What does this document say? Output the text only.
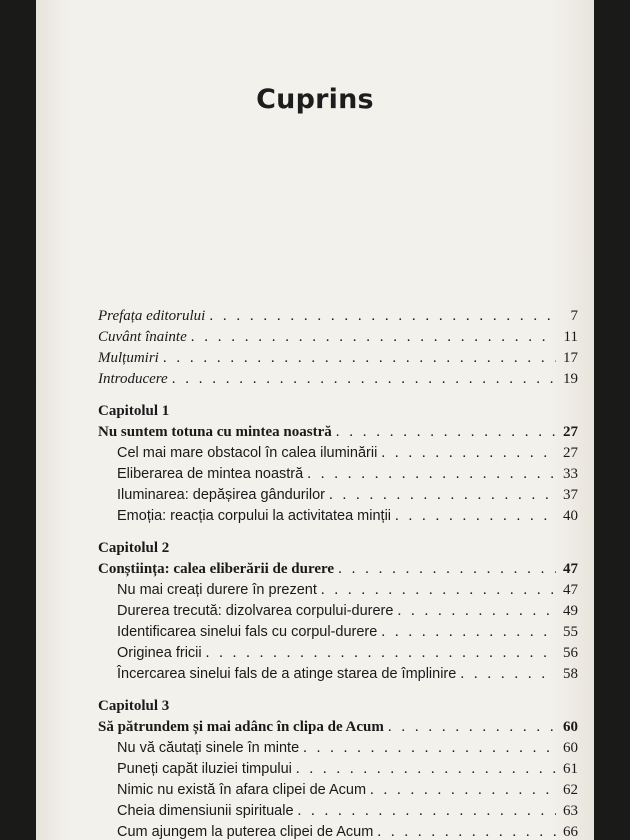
Cuprins
Prefața editorului . . .	7
Cuvânt înainte . . .	11
Mulțumiri . . .	17
Introducere . . .	19
Capitolul 1
Nu suntem totuna cu mintea noastră . . .	27
Cel mai mare obstacol în calea iluminării . . .	27
Eliberarea de mintea noastră . . .	33
Iluminarea: depășirea gândurilor . . .	37
Emoția: reacția corpului la activitatea minții . . .	40
Capitolul 2
Conștiința: calea eliberării de durere . . .	47
Nu mai creați durere în prezent . . .	47
Durerea trecută: dizolvarea corpului-durere . . .	49
Identificarea sinelui fals cu corpul-durere . . .	55
Originea fricii . . .	56
Încercarea sinelui fals de a atinge starea de împlinire . . .	58
Capitolul 3
Să pătrundem și mai adânc în clipa de Acum . . .	60
Nu vă căutați sinele în minte . . .	60
Puneți capăt iluziei timpului . . .	61
Nimic nu există în afara clipei de Acum . . .	62
Cheia dimensiunii spirituale . . .	63
Cum ajungem la puterea clipei de Acum . . .	66
